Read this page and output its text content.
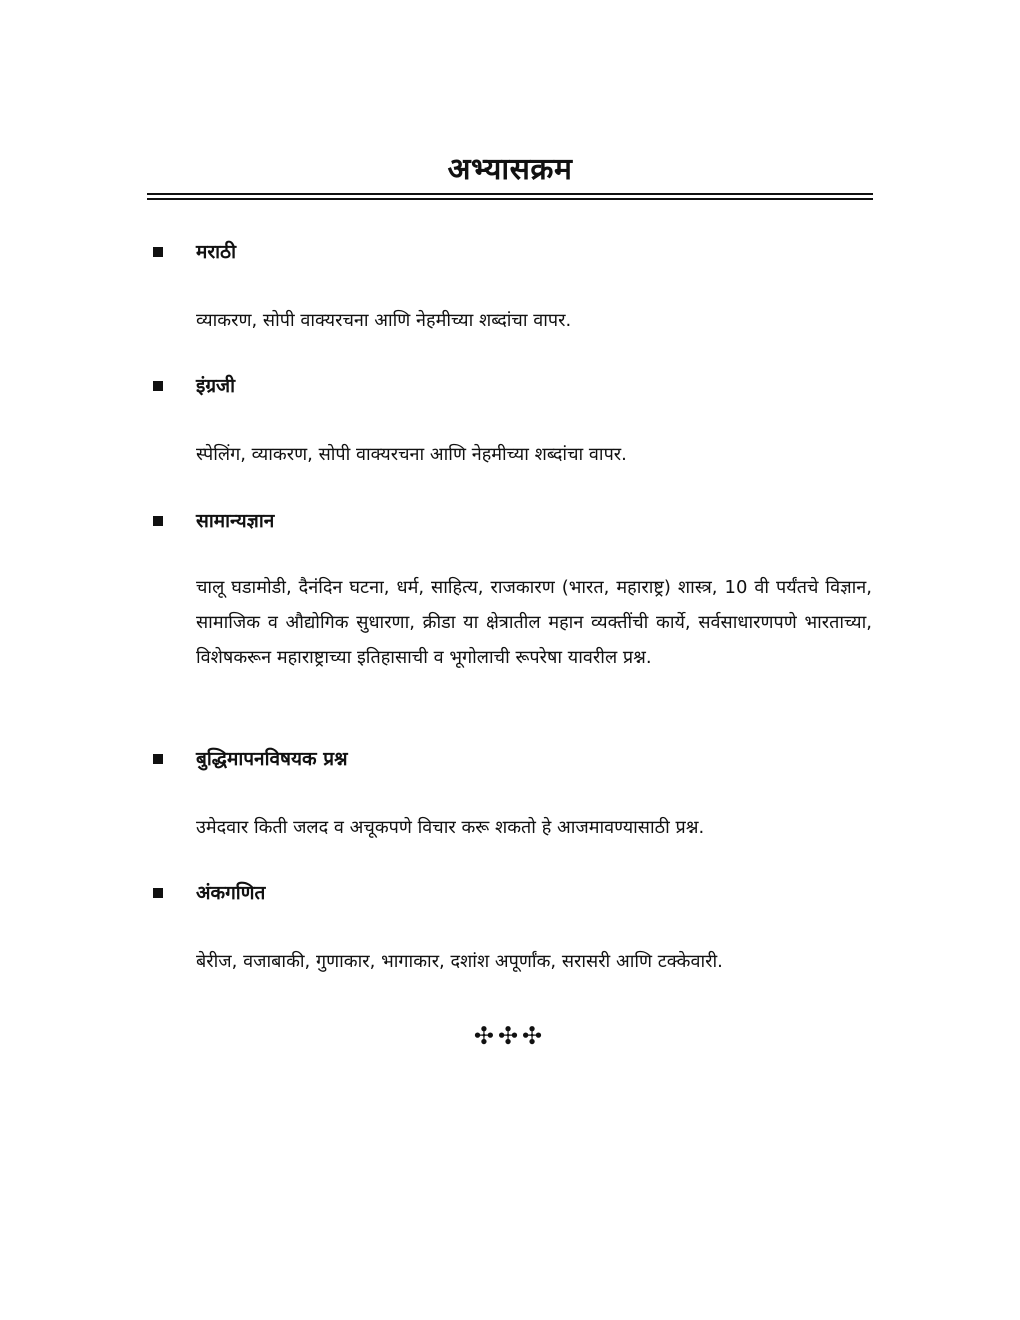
अभ्यासक्रम
मराठी
व्याकरण, सोपी वाक्यरचना आणि नेहमीच्या शब्दांचा वापर.
इंग्रजी
स्पेलिंग, व्याकरण, सोपी वाक्यरचना आणि नेहमीच्या शब्दांचा वापर.
सामान्यज्ञान
चालू घडामोडी, दैनंदिन घटना, धर्म, साहित्य, राजकारण (भारत, महाराष्ट्र) शास्त्र, 10 वी पर्यंतचे विज्ञान, सामाजिक व औद्योगिक सुधारणा, क्रीडा या क्षेत्रातील महान व्यक्तींची कार्ये, सर्वसाधारणपणे भारताच्या, विशेषकरून महाराष्ट्राच्या इतिहासाची व भूगोलाची रूपरेषा यावरील प्रश्न.
बुद्धिमापनविषयक प्रश्न
उमेदवार किती जलद व अचूकपणे विचार करू शकतो हे आजमावण्यासाठी प्रश्न.
अंकगणित
बेरीज, वजाबाकी, गुणाकार, भागाकार, दशांश अपूर्णांक, सरासरी आणि टक्केवारी.
✣✣✣
